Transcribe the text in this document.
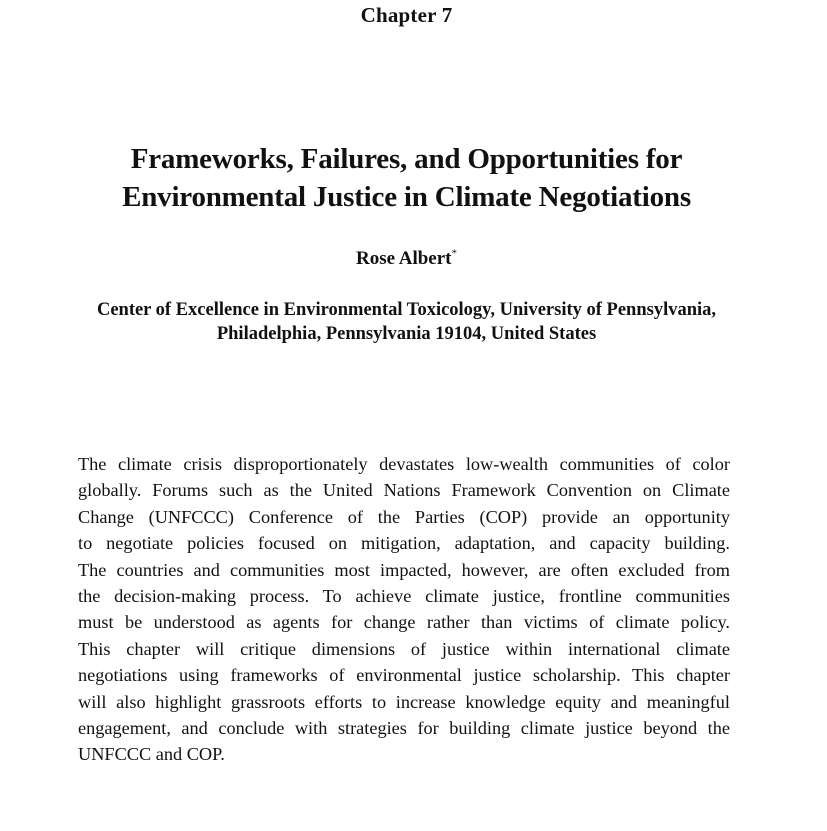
Chapter 7
Frameworks, Failures, and Opportunities for
Environmental Justice in Climate Negotiations
Rose Albert*
Center of Excellence in Environmental Toxicology, University of Pennsylvania,
Philadelphia, Pennsylvania 19104, United States
The climate crisis disproportionately devastates low-wealth communities of color
globally. Forums such as the United Nations Framework Convention on Climate
Change (UNFCCC) Conference of the Parties (COP) provide an opportunity
to negotiate policies focused on mitigation, adaptation, and capacity building.
The countries and communities most impacted, however, are often excluded from
the decision-making process. To achieve climate justice, frontline communities
must be understood as agents for change rather than victims of climate policy.
This chapter will critique dimensions of justice within international climate
negotiations using frameworks of environmental justice scholarship. This chapter
will also highlight grassroots efforts to increase knowledge equity and meaningful
engagement, and conclude with strategies for building climate justice beyond the
UNFCCC and COP.
